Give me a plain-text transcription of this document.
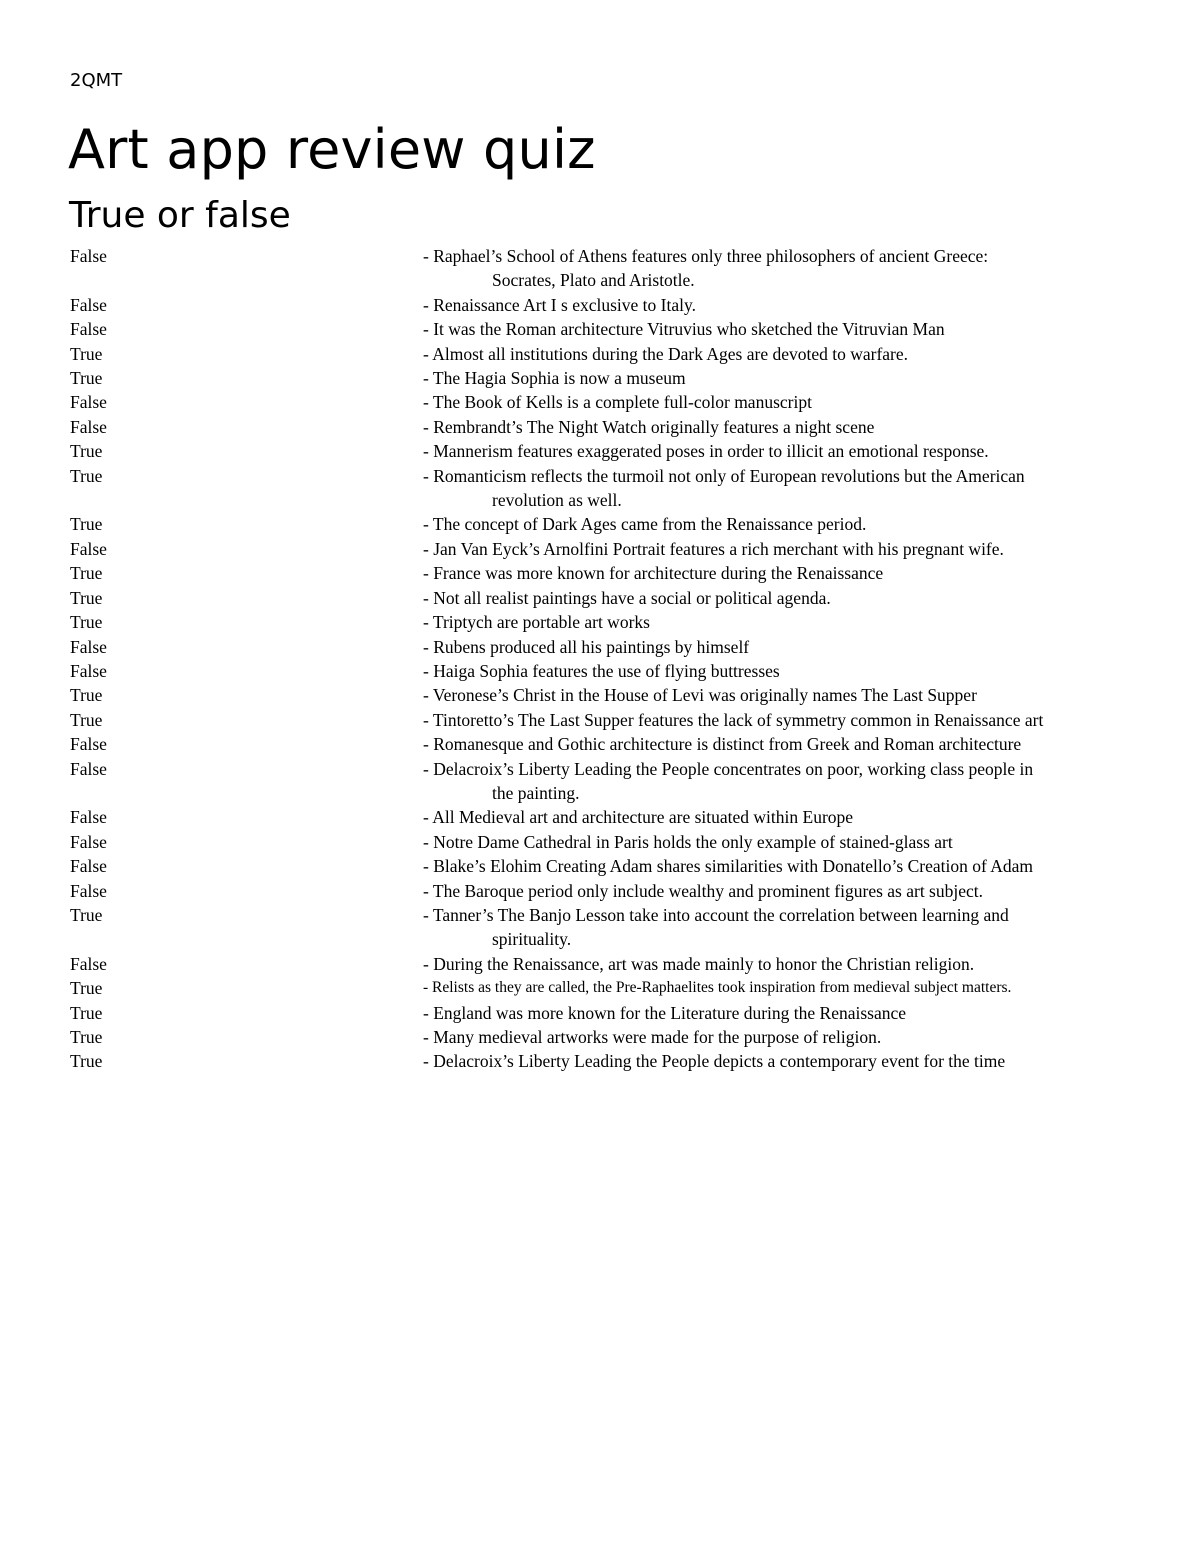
2QMT
Art app review quiz
True or false
False	- Raphael’s School of Athens features only three philosophers of ancient Greece:
Socrates, Plato and Aristotle.
False	- Renaissance Art I s exclusive to Italy.
False	- It was the Roman architecture Vitruvius who sketched the Vitruvian Man
True	- Almost all institutions during the Dark Ages are devoted to warfare.
True	- The Hagia Sophia is now a museum
False	- The Book of Kells is a complete full-color manuscript
False	- Rembrandt’s The Night Watch originally features a night scene
True	- Mannerism features exaggerated poses in order to illicit an emotional response.
True	- Romanticism reflects the turmoil not only of European revolutions but the American
revolution as well.
True	- The concept of Dark Ages came from the Renaissance period.
False	- Jan Van Eyck’s Arnolfini Portrait features a rich merchant with his pregnant wife.
True	- France was more known for architecture during the Renaissance
True	- Not all realist paintings have a social or political agenda.
True	- Triptych are portable art works
False	- Rubens produced all his paintings by himself
False	- Haiga Sophia features the use of flying buttresses
True	- Veronese’s Christ in the House of Levi was originally names The Last Supper
True	- Tintoretto’s The Last Supper features the lack of symmetry common in Renaissance art
False	- Romanesque and Gothic architecture is distinct from Greek and Roman architecture
False	- Delacroix’s Liberty Leading the People concentrates on poor, working class people in
the painting.
False	- All Medieval art and architecture are situated within Europe
False	- Notre Dame Cathedral in Paris holds the only example of stained-glass art
False	- Blake’s Elohim Creating Adam shares similarities with Donatello’s Creation of Adam
False	- The Baroque period only include wealthy and prominent figures as art subject.
True	- Tanner’s The Banjo Lesson take into account the correlation between learning and
spirituality.
False	- During the Renaissance, art was made mainly to honor the Christian religion.
True	- Relists as they are called, the Pre-Raphaelites took inspiration from medieval subject matters.
True	- England was more known for the Literature during the Renaissance
True	- Many medieval artworks were made for the purpose of religion.
True	- Delacroix’s Liberty Leading the People depicts a contemporary event for the time
